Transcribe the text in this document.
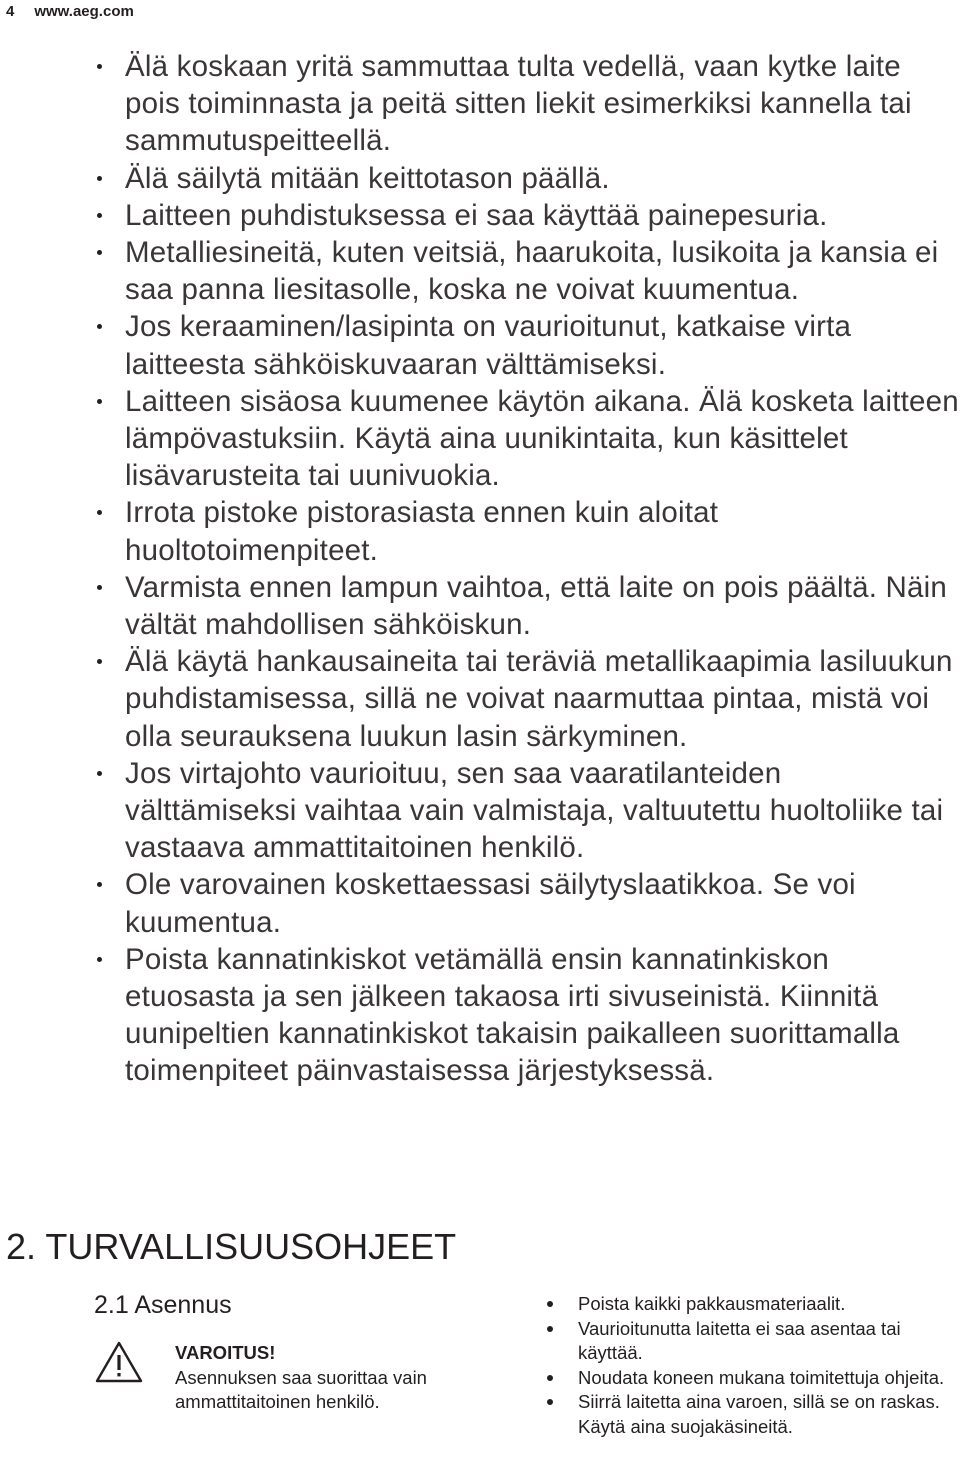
4 www.aeg.com
Älä koskaan yritä sammuttaa tulta vedellä, vaan kytke laite pois toiminnasta ja peitä sitten liekit esimerkiksi kannella tai sammutuspeitteellä.
Älä säilytä mitään keittotason päällä.
Laitteen puhdistuksessa ei saa käyttää painepesuria.
Metalliesineitä, kuten veitsiä, haarukoita, lusikoita ja kansia ei saa panna liesitasolle, koska ne voivat kuumentua.
Jos keraaminen/lasipinta on vaurioitunut, katkaise virta laitteesta sähköiskuvaaran välttämiseksi.
Laitteen sisäosa kuumenee käytön aikana. Älä kosketa laitteen lämpövastuksiin. Käytä aina uunikintaita, kun käsittelet lisävarusteita tai uunivuokia.
Irrota pistoke pistorasiasta ennen kuin aloitat huoltotoimenpiteet.
Varmista ennen lampun vaihtoa, että laite on pois päältä. Näin vältät mahdollisen sähköiskun.
Älä käytä hankausaineita tai teräviä metallikaapimia lasiluukun puhdistamisessa, sillä ne voivat naarmuttaa pintaa, mistä voi olla seurauksena luukun lasin särkyminen.
Jos virtajohto vaurioituu, sen saa vaaratilanteiden välttämiseksi vaihtaa vain valmistaja, valtuutettu huoltoliike tai vastaava ammattitaitoinen henkilö.
Ole varovainen koskettaessasi säilytyslaatikkoa. Se voi kuumentua.
Poista kannatinkiskot vetämällä ensin kannatinkiskon etuosasta ja sen jälkeen takaosa irti sivuseinistä. Kiinnitä uunipeltien kannatinkiskot takaisin paikalleen suorittamalla toimenpiteet päinvastaisessa järjestyksessä.
2. TURVALLISUUSOHJEET
2.1 Asennus
VAROITUS!
Asennuksen saa suorittaa vain ammattitaitoinen henkilö.
Poista kaikki pakkausmateriaalit.
Vaurioitunutta laitetta ei saa asentaa tai käyttää.
Noudata koneen mukana toimitettuja ohjeita.
Siirrä laitetta aina varoen, sillä se on raskas. Käytä aina suojakäsineitä.
